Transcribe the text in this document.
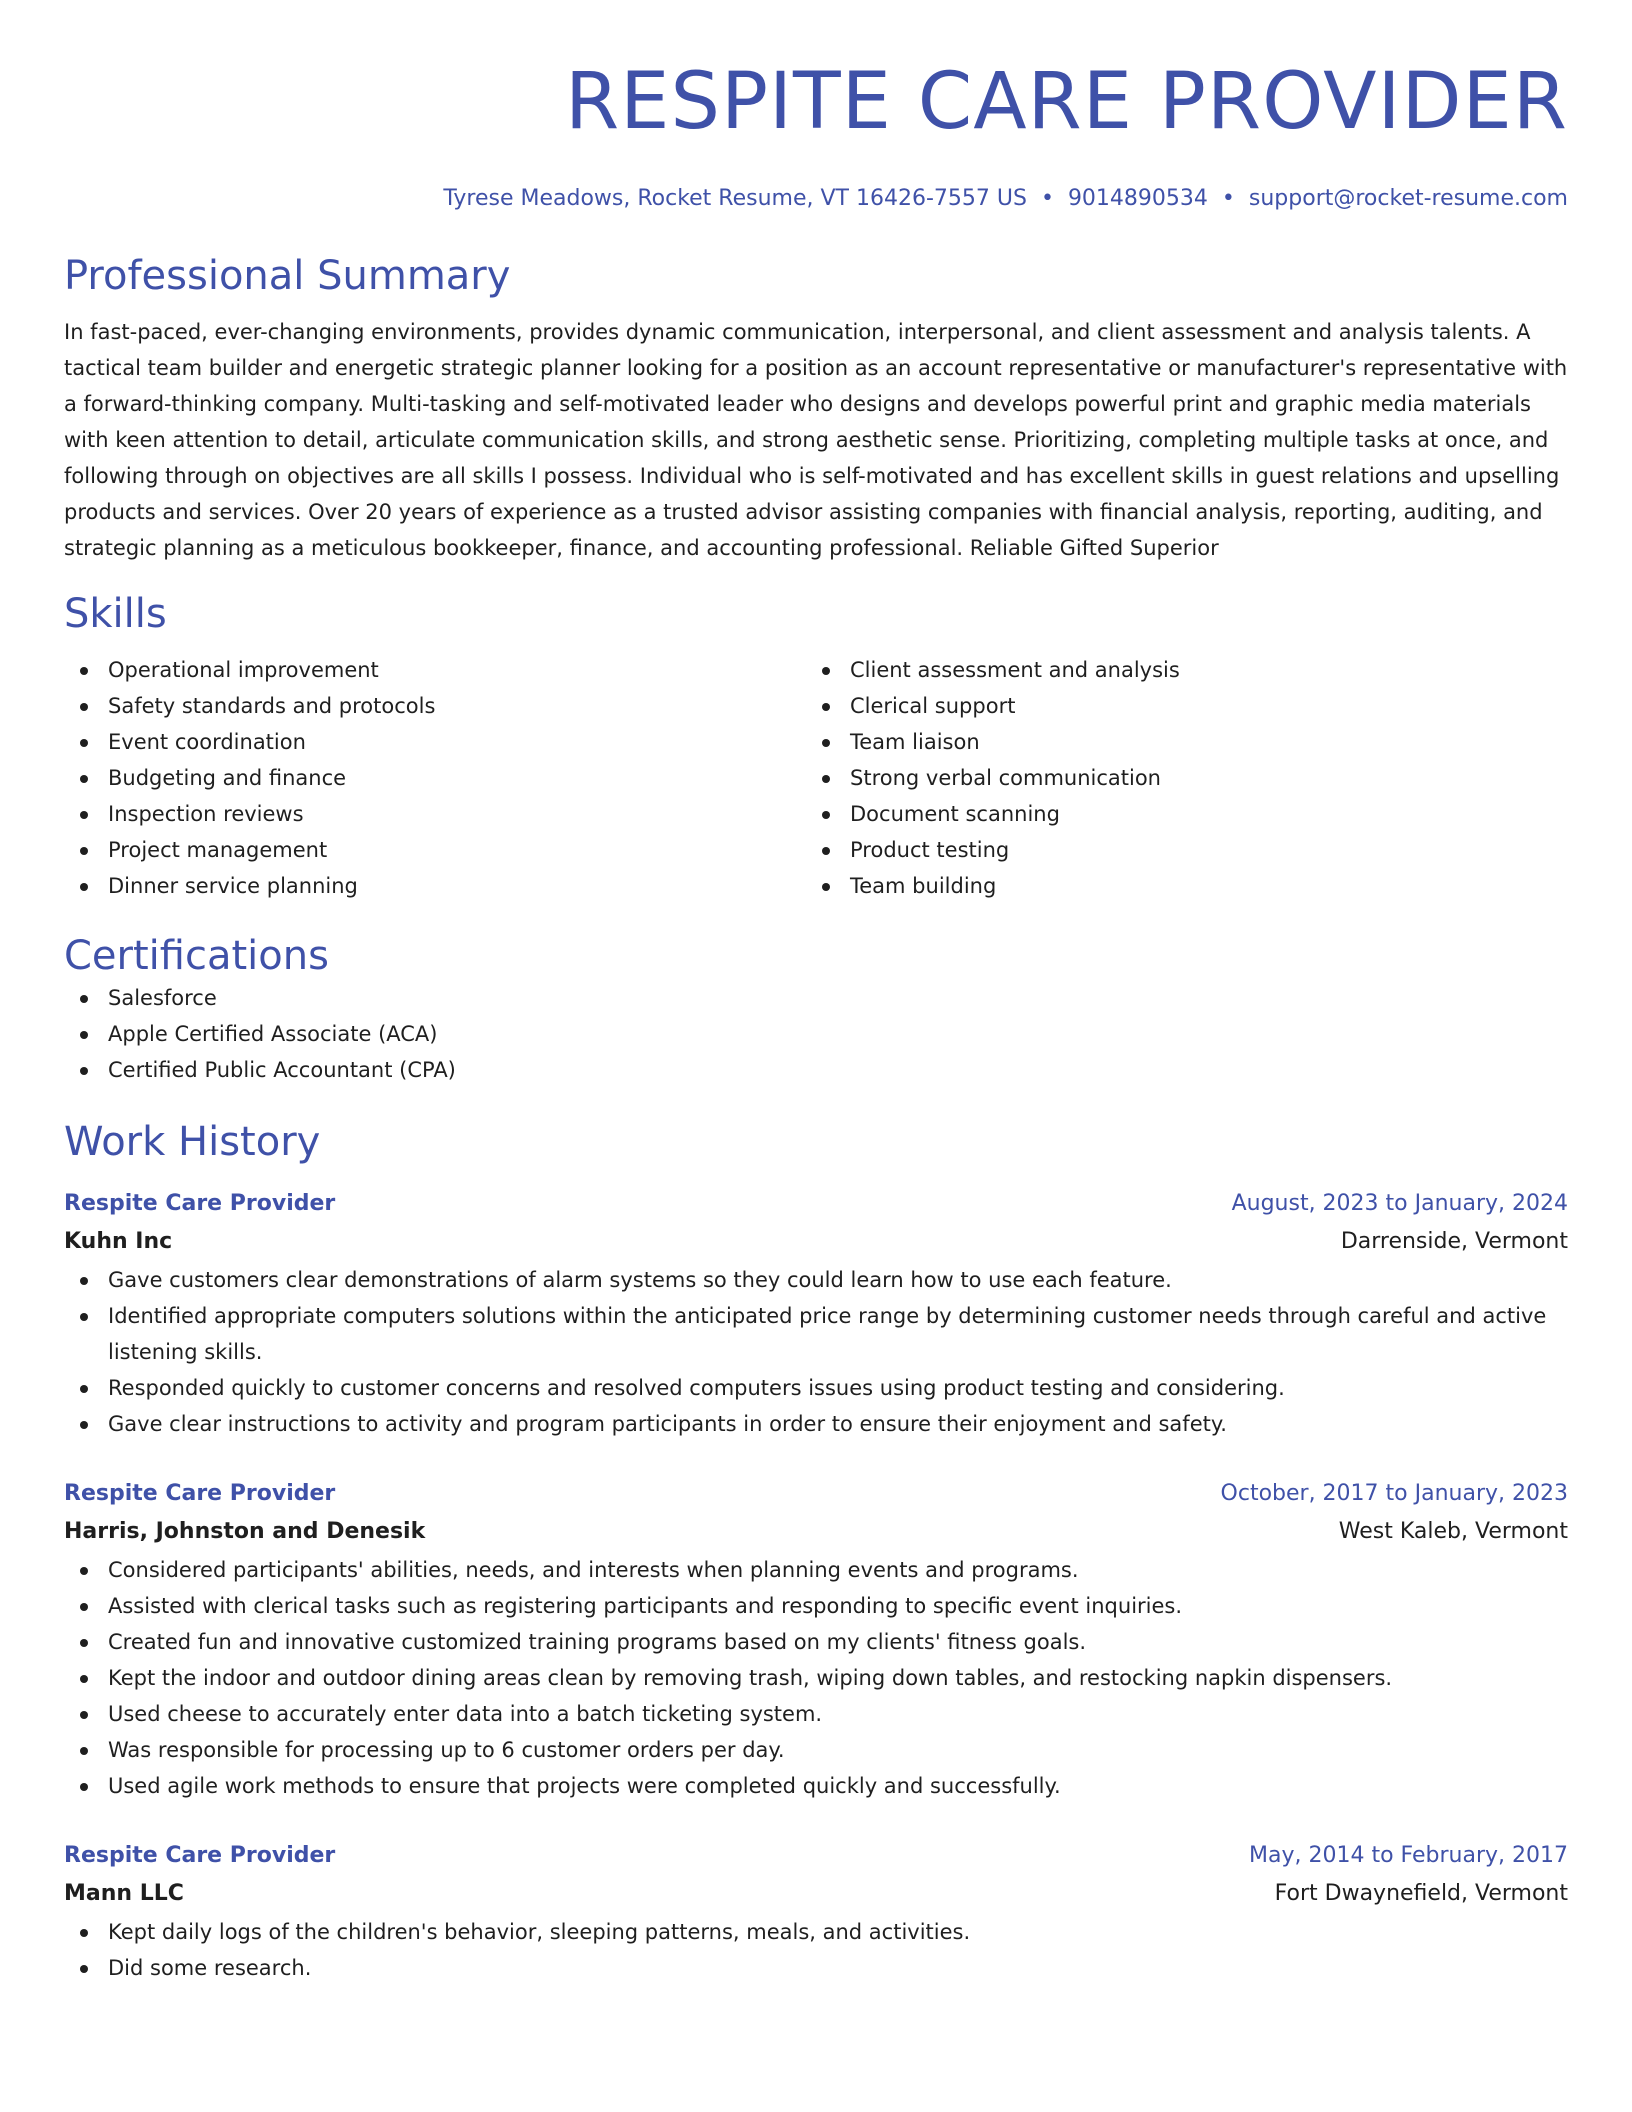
RESPITE CARE PROVIDER
Tyrese Meadows, Rocket Resume, VT 16426-7557 US • 9014890534 • support@rocket-resume.com
Professional Summary
In fast-paced, ever-changing environments, provides dynamic communication, interpersonal, and client assessment and analysis talents. A tactical team builder and energetic strategic planner looking for a position as an account representative or manufacturer's representative with a forward-thinking company. Multi-tasking and self-motivated leader who designs and develops powerful print and graphic media materials with keen attention to detail, articulate communication skills, and strong aesthetic sense. Prioritizing, completing multiple tasks at once, and following through on objectives are all skills I possess. Individual who is self-motivated and has excellent skills in guest relations and upselling products and services. Over 20 years of experience as a trusted advisor assisting companies with financial analysis, reporting, auditing, and strategic planning as a meticulous bookkeeper, finance, and accounting professional. Reliable Gifted Superior
Skills
Operational improvement
Safety standards and protocols
Event coordination
Budgeting and finance
Inspection reviews
Project management
Dinner service planning
Client assessment and analysis
Clerical support
Team liaison
Strong verbal communication
Document scanning
Product testing
Team building
Certifications
Salesforce
Apple Certified Associate (ACA)
Certified Public Accountant (CPA)
Work History
Respite Care Provider	August, 2023 to January, 2024
Kuhn Inc	Darrenside, Vermont
Gave customers clear demonstrations of alarm systems so they could learn how to use each feature.
Identified appropriate computers solutions within the anticipated price range by determining customer needs through careful and active listening skills.
Responded quickly to customer concerns and resolved computers issues using product testing and considering.
Gave clear instructions to activity and program participants in order to ensure their enjoyment and safety.
Respite Care Provider	October, 2017 to January, 2023
Harris, Johnston and Denesik	West Kaleb, Vermont
Considered participants' abilities, needs, and interests when planning events and programs.
Assisted with clerical tasks such as registering participants and responding to specific event inquiries.
Created fun and innovative customized training programs based on my clients' fitness goals.
Kept the indoor and outdoor dining areas clean by removing trash, wiping down tables, and restocking napkin dispensers.
Used cheese to accurately enter data into a batch ticketing system.
Was responsible for processing up to 6 customer orders per day.
Used agile work methods to ensure that projects were completed quickly and successfully.
Respite Care Provider	May, 2014 to February, 2017
Mann LLC	Fort Dwaynefield, Vermont
Kept daily logs of the children's behavior, sleeping patterns, meals, and activities.
Did some research.
